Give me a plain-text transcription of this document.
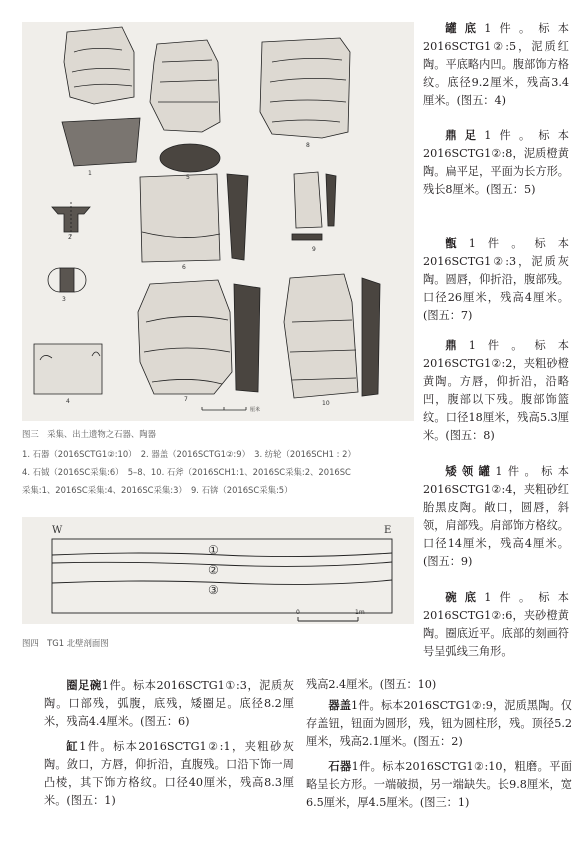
1
2
3
4
5
6
7
8
9
10
厘米
图三　采集、出土遗物之石器、陶器
1. 石器（2016SCTG1②:10）　2. 器盖（2016SCTG1②:9）　3. 纺轮（2016SCH1 : 2）
4. 石钺（2016SC采集:6）　5–8、10. 石斧（2016SCH1:1、2016SC采集:2、2016SC
采集:1、2016SC采集:4、2016SC采集:3）　9. 石锛（2016SC采集:5）
W	E
①
②
③
0	1m
图四　TG1 北壁剖面图
罐底1件。标本2016SCTG1②:5，泥质红陶。平底略内凹。腹部饰方格纹。底径9.2厘米，残高3.4厘米。(图五：4)
鼎足1件。标本2016SCTG1②:8，泥质橙黄陶。扁平足，平面为长方形。残长8厘米。(图五：5)
甑1件。标本2016SCTG1②:3，泥质灰陶。圆唇，仰折沿，腹部残。口径26厘米，残高4厘米。(图五：7)
鼎1件。标本2016SCTG1②:2，夹粗砂橙黄陶。方唇，仰折沿，沿略凹，腹部以下残。腹部饰篮纹。口径18厘米，残高5.3厘米。(图五：8)
矮领罐1件。标本2016SCTG1②:4，夹粗砂红胎黑皮陶。敞口，圆唇，斜领，肩部残。肩部饰方格纹。口径14厘米，残高4厘米。(图五：9)
碗底1件。标本2016SCTG1②:6，夹砂橙黄陶。圈底近平。底部的刻画符号呈弧线三角形。
圈足碗1件。标本2016SCTG1①:3，泥质灰陶。口部残，弧腹，底残，矮圈足。底径8.2厘米，残高4.4厘米。(图五：6)
缸1件。标本2016SCTG1②:1，夹粗砂灰陶。敛口，方唇，仰折沿，直腹残。口沿下饰一周凸棱，其下饰方格纹。口径40厘米，残高8.3厘米。(图五：1)
残高2.4厘米。(图五：10)
器盖1件。标本2016SCTG1②:9，泥质黑陶。仅存盖钮，钮面为圆形，残，钮为圆柱形，残。顶径5.2厘米，残高2.1厘米。(图五：2)
石器1件。标本2016SCTG1②:10，粗磨。平面略呈长方形。一端破损，另一端缺失。长9.8厘米，宽6.5厘米，厚4.5厘米。(图三：1)
